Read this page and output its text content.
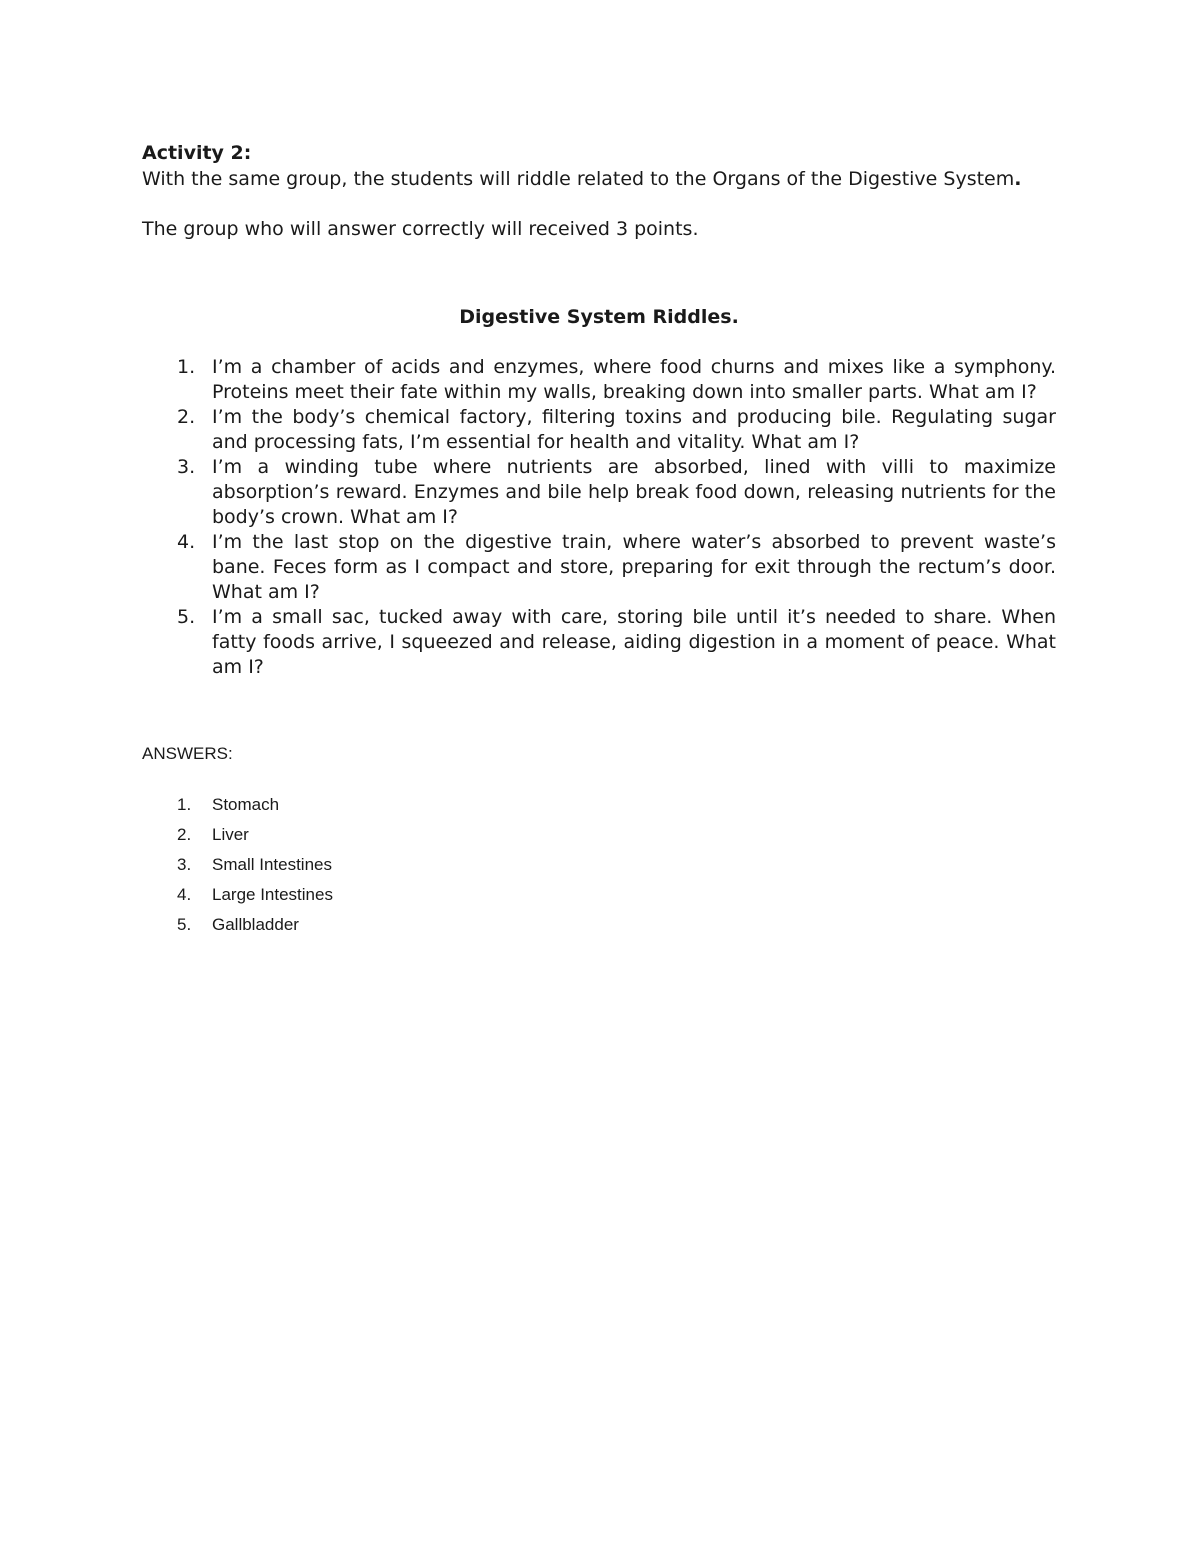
Activity 2:

With the same group, the students will riddle related to the Organs of the Digestive System.

The group who will answer correctly will received 3 points.

Digestive System Riddles.

1. I’m a chamber of acids and enzymes, where food churns and mixes like a symphony. Proteins meet their fate within my walls, breaking down into smaller parts. What am I?
2. I’m the body’s chemical factory, filtering toxins and producing bile. Regulating sugar and processing fats, I’m essential for health and vitality. What am I?
3. I’m a winding tube where nutrients are absorbed, lined with villi to maximize absorption’s reward. Enzymes and bile help break food down, releasing nutrients for the body’s crown. What am I?
4. I’m the last stop on the digestive train, where water’s absorbed to prevent waste’s bane. Feces form as I compact and store, preparing for exit through the rectum’s door. What am I?
5. I’m a small sac, tucked away with care, storing bile until it’s needed to share. When fatty foods arrive, I squeezed and release, aiding digestion in a moment of peace. What am I?

ANSWERS:

1. Stomach
2. Liver
3. Small Intestines
4. Large Intestines
5. Gallbladder
